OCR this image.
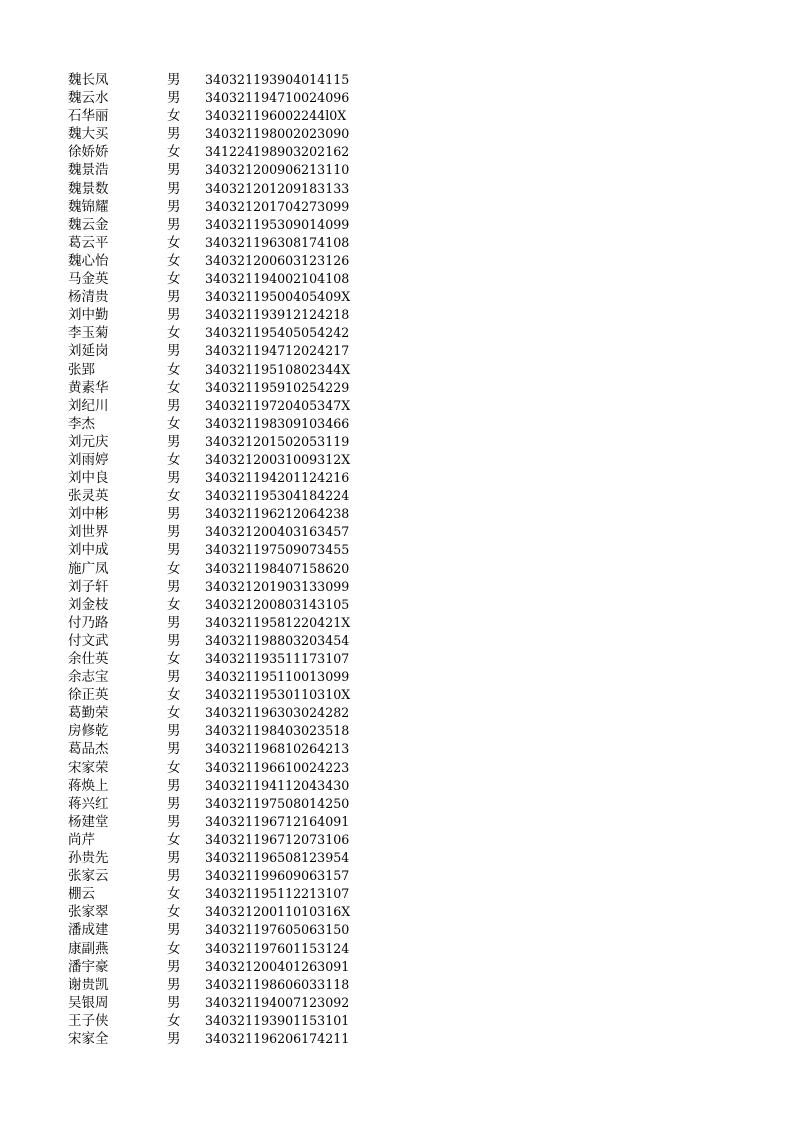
魏长凤	男 340321193904014115
魏云水	男 340321194710024096
石华丽	女 340321196002244l0X
魏大买	男 340321198002023090
徐娇娇	女 341224198903202162
魏景浩	男 340321200906213110
魏景数	男 340321201209183133
魏锦耀	男 340321201704273099
魏云金	男 340321195309014099
葛云平	女 340321196308174108
魏心怡	女 340321200603123126
马金英	女 340321194002104108
杨清贵	男 34032119500405409X
刘中勤	男 340321193912124218
李玉菊	女 340321195405054242
刘延岗	男 340321194712024217
张郢	女 34032119510802344X
黄素华	女 340321195910254229
刘纪川	男 34032119720405347X
李杰	女 340321198309103466
刘元庆	男 340321201502053119
刘雨婷	女 34032120031009312X
刘中良	男 340321194201124216
张灵英	女 340321195304184224
刘中彬	男 340321196212064238
刘世界	男 340321200403163457
刘中成	男 340321197509073455
施广凤	女 340321198407158620
刘子轩	男 340321201903133099
刘金枝	女 340321200803143105
付乃路	男 34032119581220421X
付文武	男 340321198803203454
余仕英	女 340321193511173107
余志宝	男 340321195110013099
徐正英	女 34032119530110310X
葛勤荣	女 340321196303024282
房修乾	男 340321198403023518
葛品杰	男 340321196810264213
宋家荣	女 340321196610024223
蒋焕上	男 340321194112043430
蒋兴红	男 340321197508014250
杨建堂	男 340321196712164091
尚芹	女 340321196712073106
孙贵先	男 340321196508123954
张家云	男 340321199609063157
棚云	女 340321195112213107
张家翠	女 34032120011010316X
潘成建	男 340321197605063150
康副燕	女 340321197601153124
潘宇豪	男 340321200401263091
谢贵凯	男 340321198606033118
吴银周	男 340321194007123092
王子侠	女 340321193901153101
宋家全	男 340321196206174211
